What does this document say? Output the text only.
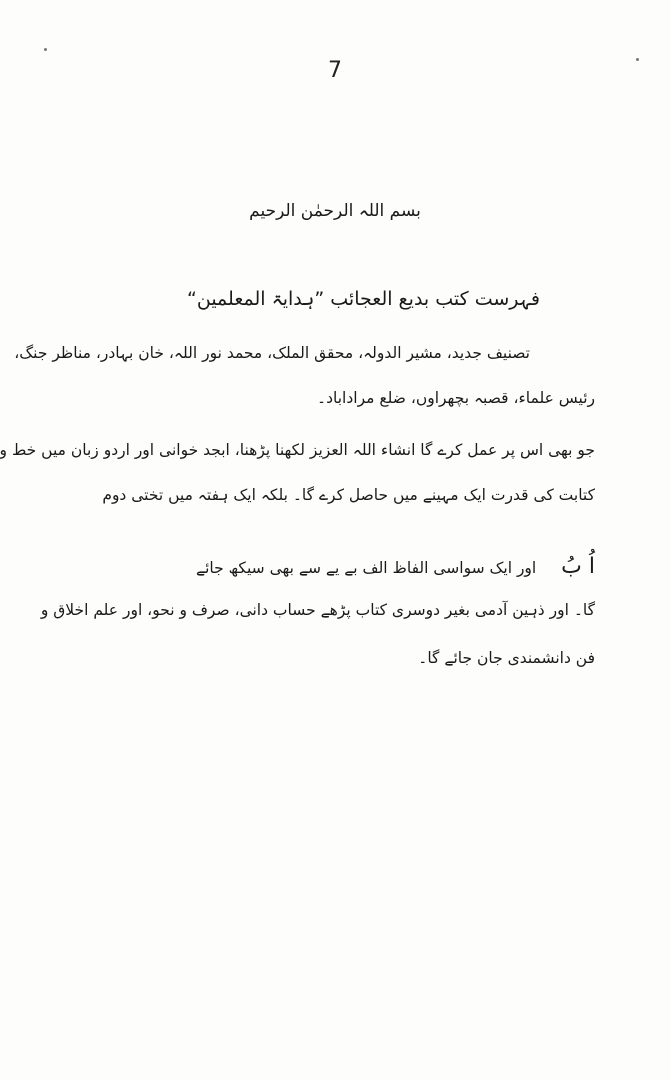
7
بسم اللہ الرحمٰن الرحیم
فہرست کتب بدیع العجائب ”ہدایۃ المعلمین“
تصنیف جدید، مشیر الدولہ، محقق الملک، محمد نور اللہ، خان بہادر، مناظر جنگ،
رئیس علماء، قصبہ بچھراوں، ضلع مراداباد۔
جو بھی اس پر عمل کرے گا انشاء اللہ العزیز لکھنا پڑھنا، ابجد خوانی اور اردو زبان میں خط و
کتابت کی قدرت ایک مہینے میں حاصل کرے گا۔ بلکہ ایک ہفتہ میں تختی دوم
اُ بُ اور ایک سواسی الفاظ الف بے یے سے بھی سیکھ جائے
گا۔ اور ذہین آدمی بغیر دوسری کتاب پڑھے حساب دانی، صرف و نحو، اور علم اخلاق و
فن دانشمندی جان جائے گا۔
